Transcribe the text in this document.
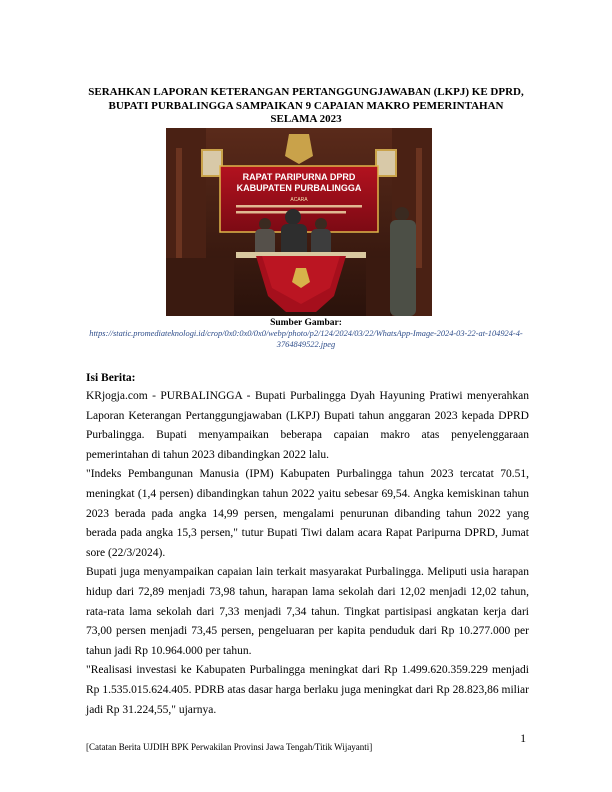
SERAHKAN LAPORAN KETERANGAN PERTANGGUNGJAWABAN (LKPJ) KE DPRD, BUPATI PURBALINGGA SAMPAIKAN 9 CAPAIAN MAKRO PEMERINTAHAN SELAMA 2023
RAPAT PARIPURNA DPRD
KABUPATEN PURBALINGGA
ACARA
Sumber Gambar:
https://static.promediateknologi.id/crop/0x0:0x0/0x0/webp/photo/p2/124/2024/03/22/WhatsApp-Image-2024-03-22-at-104924-4-3764849522.jpeg
Isi Berita:

KRjogja.com - PURBALINGGA - Bupati Purbalingga Dyah Hayuning Pratiwi menyerahkan Laporan Keterangan Pertanggungjawaban (LKPJ) Bupati tahun anggaran 2023 kepada DPRD Purbalingga. Bupati menyampaikan beberapa capaian makro atas penyelenggaraan pemerintahan di tahun 2023 dibandingkan 2022 lalu.

"Indeks Pembangunan Manusia (IPM) Kabupaten Purbalingga tahun 2023 tercatat 70.51, meningkat (1,4 persen) dibandingkan tahun 2022 yaitu sebesar 69,54. Angka kemiskinan tahun 2023 berada pada angka 14,99 persen, mengalami penurunan dibanding tahun 2022 yang berada pada angka 15,3 persen," tutur Bupati Tiwi dalam acara Rapat Paripurna DPRD, Jumat sore (22/3/2024).

Bupati juga menyampaikan capaian lain terkait masyarakat Purbalingga. Meliputi usia harapan hidup dari 72,89 menjadi 73,98 tahun, harapan lama sekolah dari 12,02 menjadi 12,02 tahun, rata-rata lama sekolah dari 7,33 menjadi 7,34 tahun. Tingkat partisipasi angkatan kerja dari 73,00 persen menjadi 73,45 persen, pengeluaran per kapita penduduk dari Rp 10.277.000 per tahun jadi Rp 10.964.000 per tahun.

"Realisasi investasi ke Kabupaten Purbalingga meningkat dari Rp 1.499.620.359.229 menjadi Rp 1.535.015.624.405. PDRB atas dasar harga berlaku juga meningkat dari Rp 28.823,86 miliar jadi Rp 31.224,55," ujarnya.

1
[Catatan Berita UJDIH BPK Perwakilan Provinsi Jawa Tengah/Titik Wijayanti]
